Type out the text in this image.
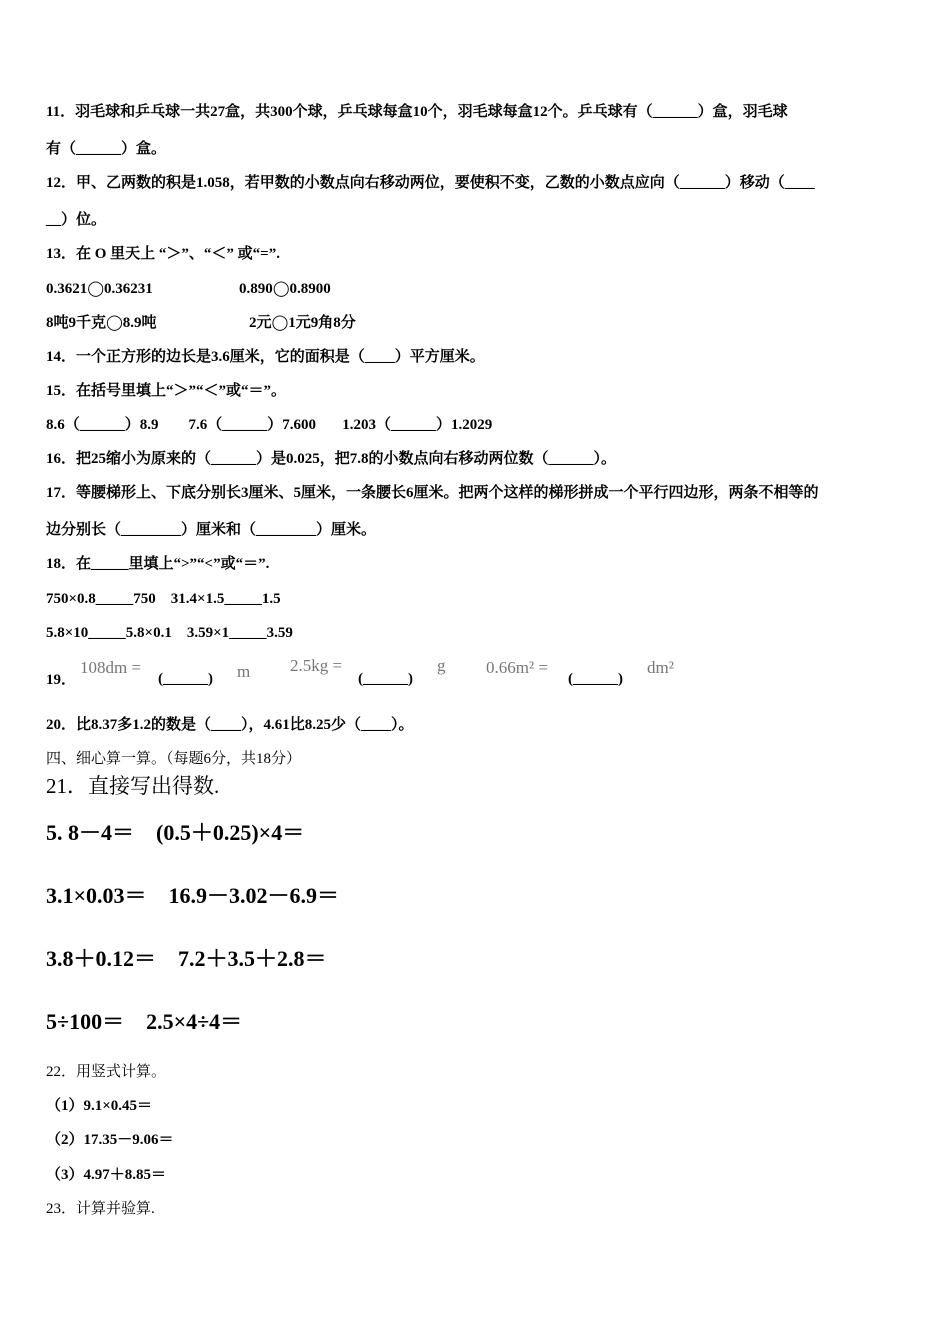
11．羽毛球和乒乓球一共27盒，共300个球，乒乓球每盒10个，羽毛球每盒12个。乒乓球有（______）盒，羽毛球
有（______）盒。
12．甲、乙两数的积是1.058，若甲数的小数点向右移动两位，要使积不变，乙数的小数点应向（______）移动（____
__）位。
13．在 O 里天上 “＞”、“＜” 或“=”.
0.3621◯0.36231	0.890◯0.8900
8吨9千克◯8.9吨	2元◯1元9角8分
14．一个正方形的边长是3.6厘米，它的面积是（____）平方厘米。
15．在括号里填上“＞”“＜”或“＝”。
8.6（______）8.9        7.6（______）7.600       1.203（______）1.2029
16．把25缩小为原来的（______）是0.025，把7.8的小数点向右移动两位数（______）。
17．等腰梯形上、下底分别长3厘米、5厘米，一条腰长6厘米。把两个这样的梯形拼成一个平行四边形，两条不相等的
边分别长（________）厘米和（________）厘米。
18．在_____里填上“>”“<”或“＝”.
750×0.8_____750    31.4×1.5_____1.5
5.8×10_____5.8×0.1    3.59×1_____3.59
19．
108dm =
(______) m 2.5kg =
(______)
g 0.66m² =
(______)
dm²
20．比8.37多1.2的数是（____），4.61比8.25少（____）。
四、细心算一算。（每题6分，共18分）
21．直接写出得数.
5. 8－4＝    (0.5＋0.25)×4＝
3.1×0.03＝    16.9－3.02－6.9＝
3.8＋0.12＝    7.2＋3.5＋2.8＝
5÷100＝    2.5×4÷4＝
22．用竖式计算。
（1）9.1×0.45＝
（2）17.35－9.06＝
（3）4.97＋8.85＝
23．计算并验算.
